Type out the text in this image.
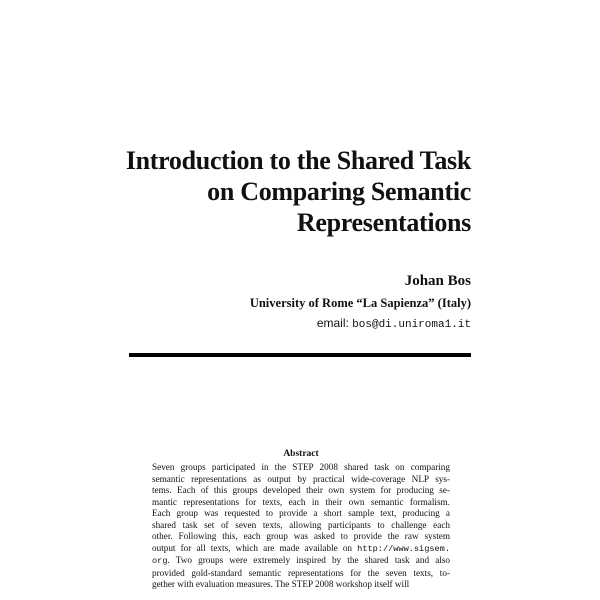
Introduction to the Shared Task
on Comparing Semantic
Representations
Johan Bos
University of Rome “La Sapienza” (Italy)
email: bos@di.uniroma1.it
Abstract
Seven groups participated in the STEP 2008 shared task on comparing
semantic representations as output by practical wide-coverage NLP sys-
tems. Each of this groups developed their own system for producing se-
mantic representations for texts, each in their own semantic formalism.
Each group was requested to provide a short sample text, producing a
shared task set of seven texts, allowing participants to challenge each
other. Following this, each group was asked to provide the raw system
output for all texts, which are made available on http://www.sigsem.
org. Two groups were extremely inspired by the shared task and also
provided gold-standard semantic representations for the seven texts, to-
gether with evaluation measures. The STEP 2008 workshop itself will
